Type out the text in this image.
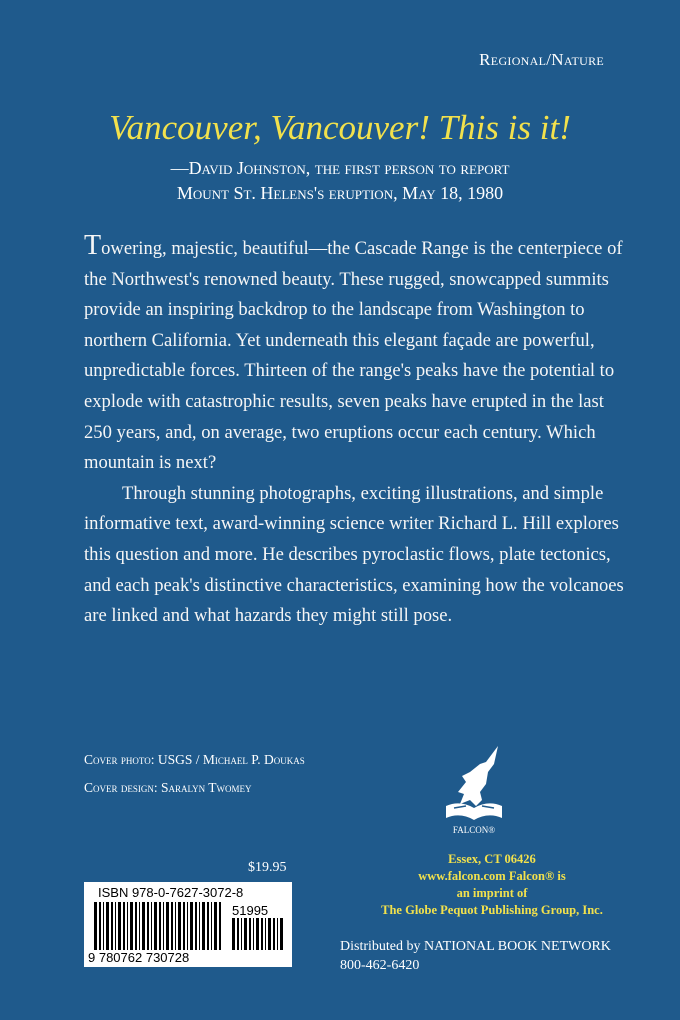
Regional/Nature
Vancouver, Vancouver! This is it!
—David Johnston, the first person to report
Mount St. Helens's eruption, May 18, 1980

Towering, majestic, beautiful—the Cascade Range is the centerpiece of the Northwest's renowned beauty. These rugged, snowcapped summits provide an inspiring backdrop to the landscape from Washington to northern California. Yet underneath this elegant façade are powerful, unpredictable forces. Thirteen of the range's peaks have the potential to explode with catastrophic results, seven peaks have erupted in the last 250 years, and, on average, two eruptions occur each century. Which mountain is next?

Through stunning photographs, exciting illustrations, and simple informative text, award-winning science writer Richard L. Hill explores this question and more. He describes pyroclastic flows, plate tectonics, and each peak's distinctive characteristics, examining how the volcanoes are linked and what hazards they might still pose.

Cover photo: USGS / Michael P. Doukas
Cover design: Saralyn Twomey
FALCON®
$19.95
ISBN 978-0-7627-3072-8
51995
9 780762 730728
Essex, CT 06426
www.falcon.com Falcon® is
an imprint of
The Globe Pequot Publishing Group, Inc.
Distributed by NATIONAL BOOK NETWORK
800-462-6420
